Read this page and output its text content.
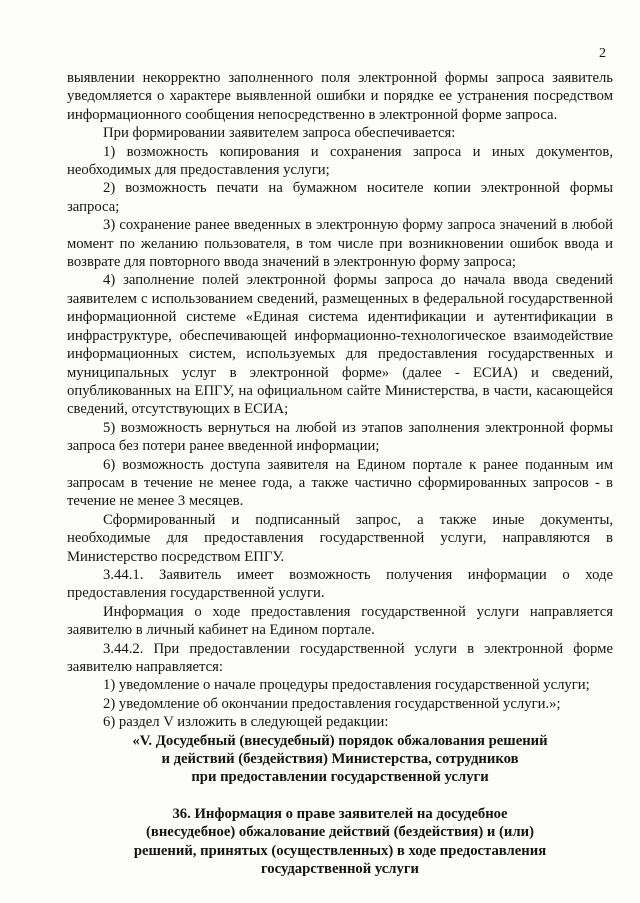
2

выявлении некорректно заполненного поля электронной формы запроса заявитель уведомляется о характере выявленной ошибки и порядке ее устранения посредством информационного сообщения непосредственно в электронной форме запроса.

При формировании заявителем запроса обеспечивается:

1) возможность копирования и сохранения запроса и иных документов, необходимых для предоставления услуги;

2) возможность печати на бумажном носителе копии электронной формы запроса;

3) сохранение ранее введенных в электронную форму запроса значений в любой момент по желанию пользователя, в том числе при возникновении ошибок ввода и возврате для повторного ввода значений в электронную форму запроса;

4) заполнение полей электронной формы запроса до начала ввода сведений заявителем с использованием сведений, размещенных в федеральной государственной информационной системе «Единая система идентификации и аутентификации в инфраструктуре, обеспечивающей информационно-технологическое взаимодействие информационных систем, используемых для предоставления государственных и муниципальных услуг в электронной форме» (далее - ЕСИА) и сведений, опубликованных на ЕПГУ, на официальном сайте Министерства, в части, касающейся сведений, отсутствующих в ЕСИА;

5) возможность вернуться на любой из этапов заполнения электронной формы запроса без потери ранее введенной информации;

6) возможность доступа заявителя на Едином портале к ранее поданным им запросам в течение не менее года, а также частично сформированных запросов - в течение не менее 3 месяцев.

Сформированный и подписанный запрос, а также иные документы, необходимые для предоставления государственной услуги, направляются в Министерство посредством ЕПГУ.

3.44.1. Заявитель имеет возможность получения информации о ходе предоставления государственной услуги.

Информация о ходе предоставления государственной услуги направляется заявителю в личный кабинет на Едином портале.

3.44.2. При предоставлении государственной услуги в электронной форме заявителю направляется:

1) уведомление о начале процедуры предоставления государственной услуги;

2) уведомление об окончании предоставления государственной услуги.»;

6) раздел V изложить в следующей редакции:

«V. Досудебный (внесудебный) порядок обжалования решений
и действий (бездействия) Министерства, сотрудников
при предоставлении государственной услуги
36. Информация о праве заявителей на досудебное
(внесудебное) обжалование действий (бездействия) и (или)
решений, принятых (осуществленных) в ходе предоставления
государственной услуги
